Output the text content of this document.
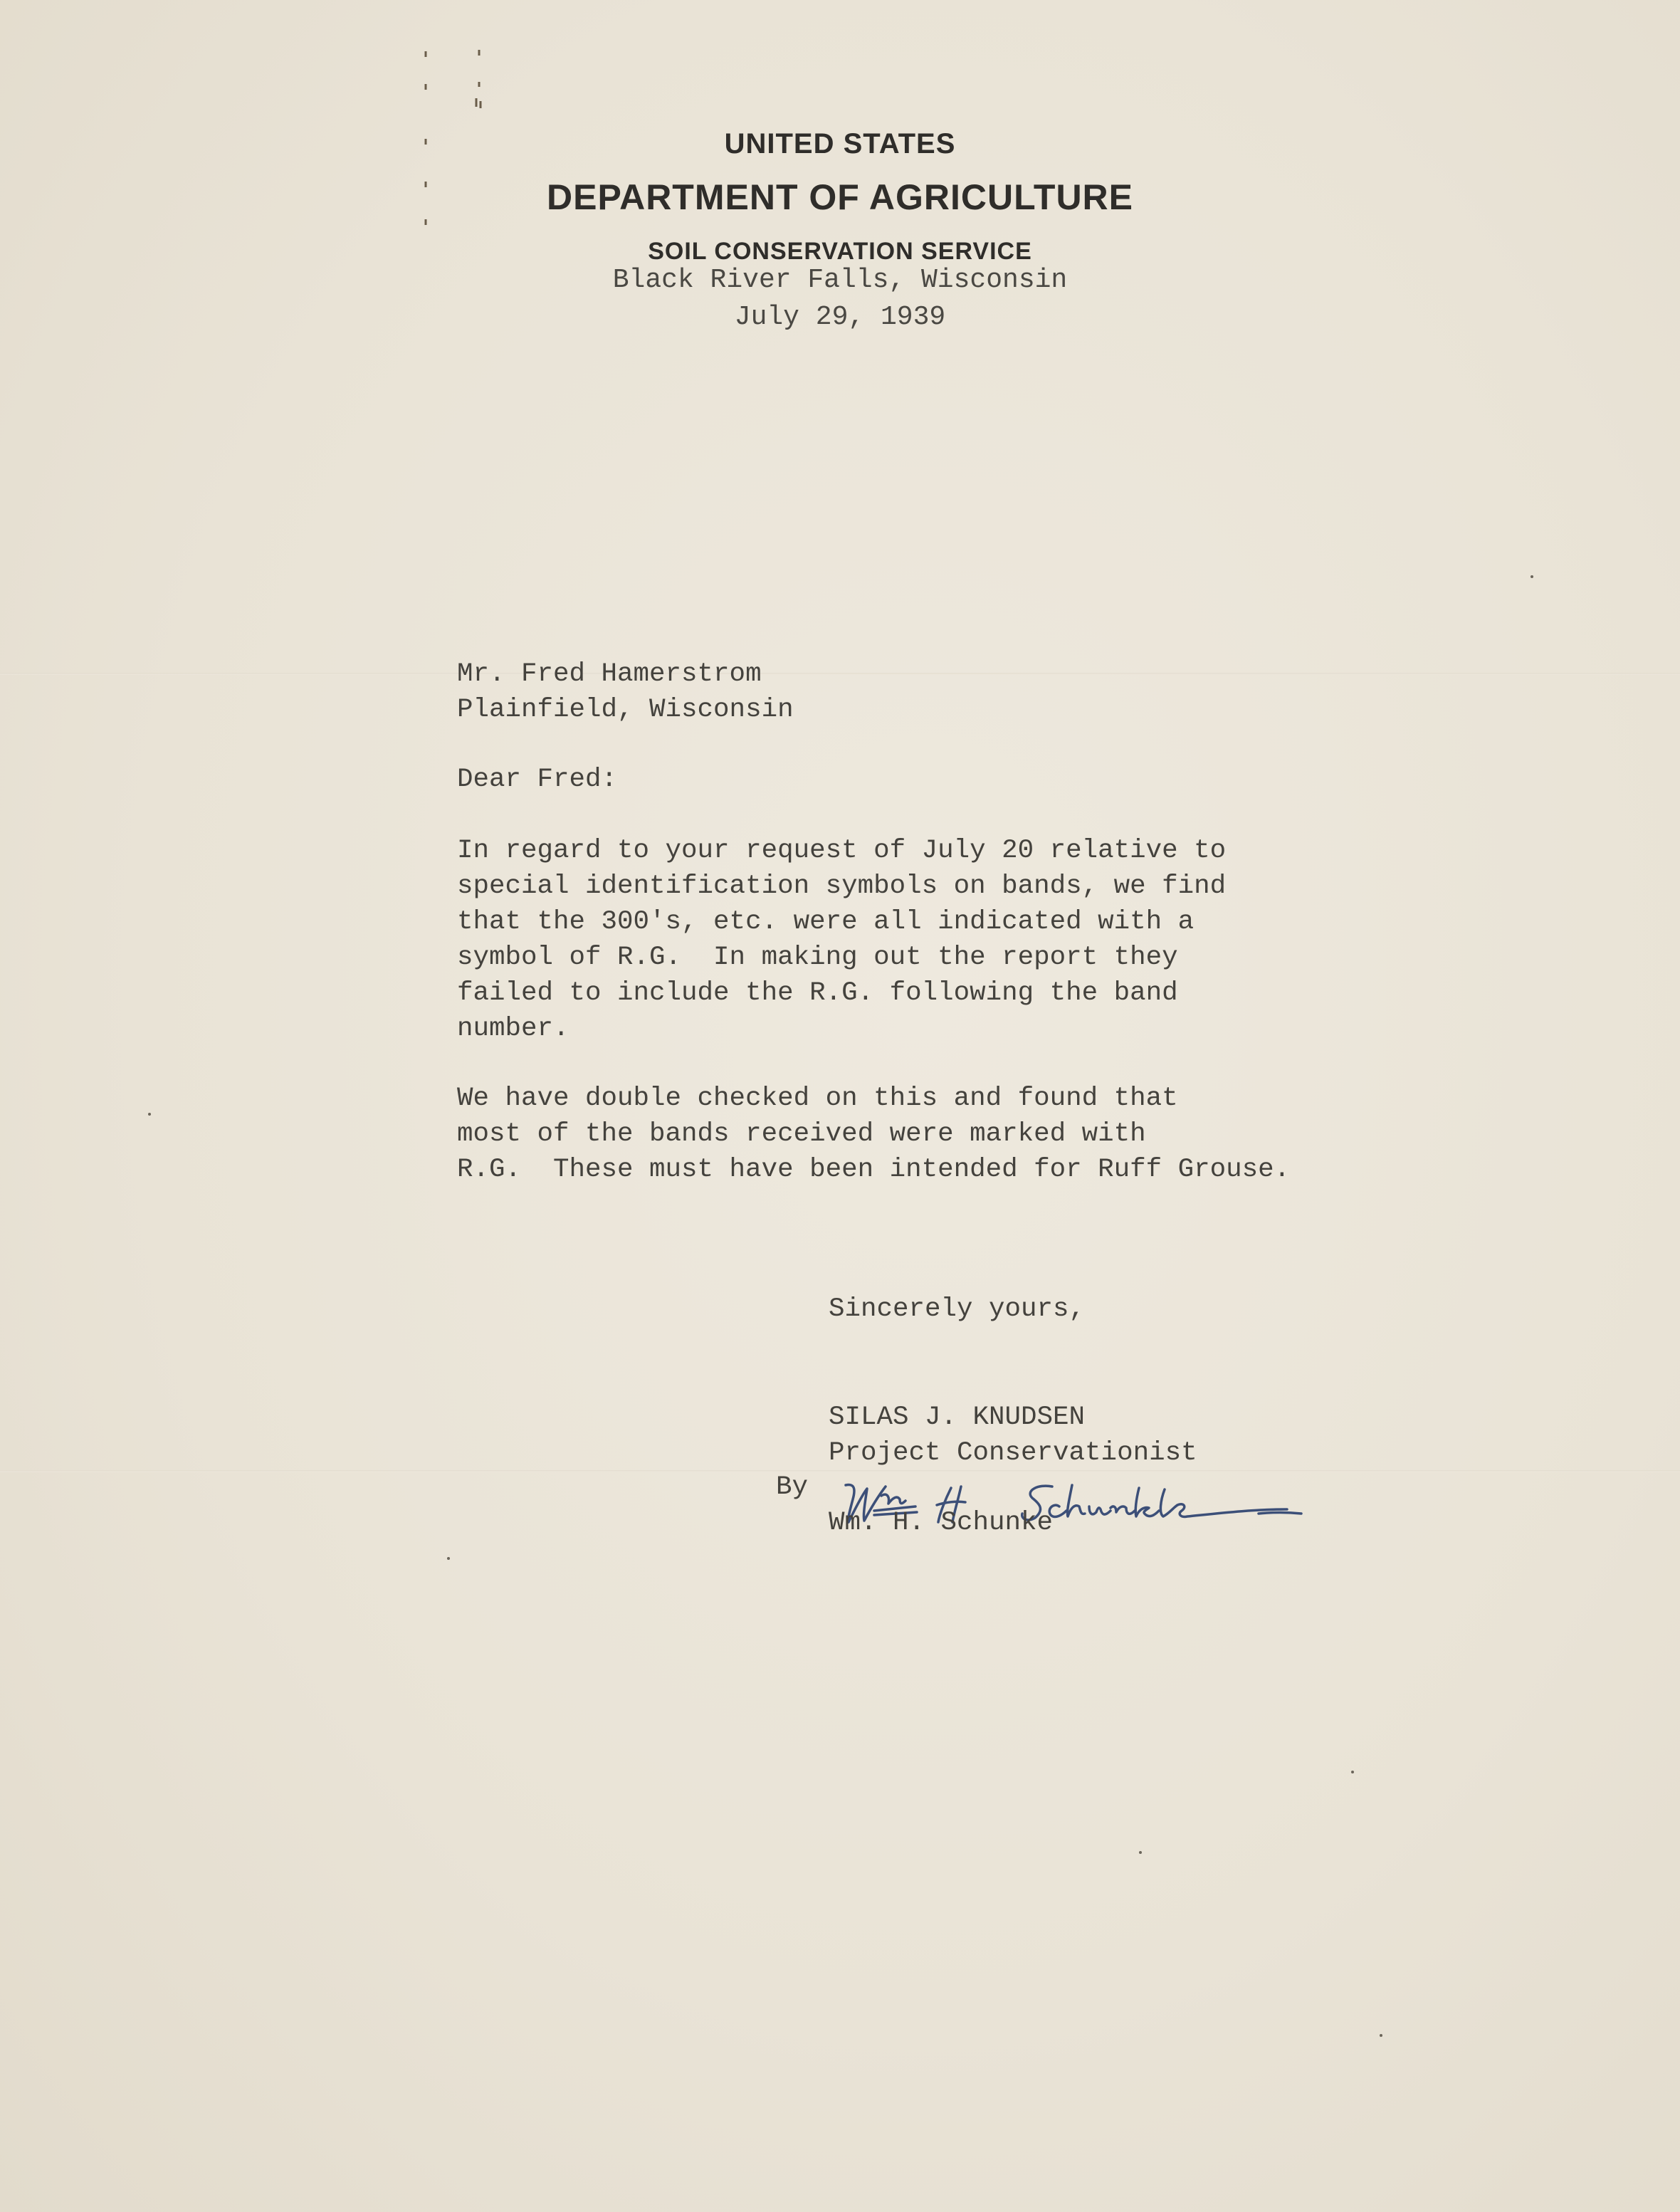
UNITED STATES
DEPARTMENT OF AGRICULTURE
SOIL CONSERVATION SERVICE
Black River Falls, Wisconsin
July 29, 1939
Mr. Fred Hamerstrom
Plainfield, Wisconsin
Dear Fred:
In regard to your request of July 20 relative to
special identification symbols on bands, we find
that the 300's, etc. were all indicated with a
symbol of R.G.  In making out the report they
failed to include the R.G. following the band
number.
We have double checked on this and found that
most of the bands received were marked with
R.G.  These must have been intended for Ruff Grouse.
Sincerely yours,
SILAS J. KNUDSEN
Project Conservationist
By
Wm. H. Schunke
